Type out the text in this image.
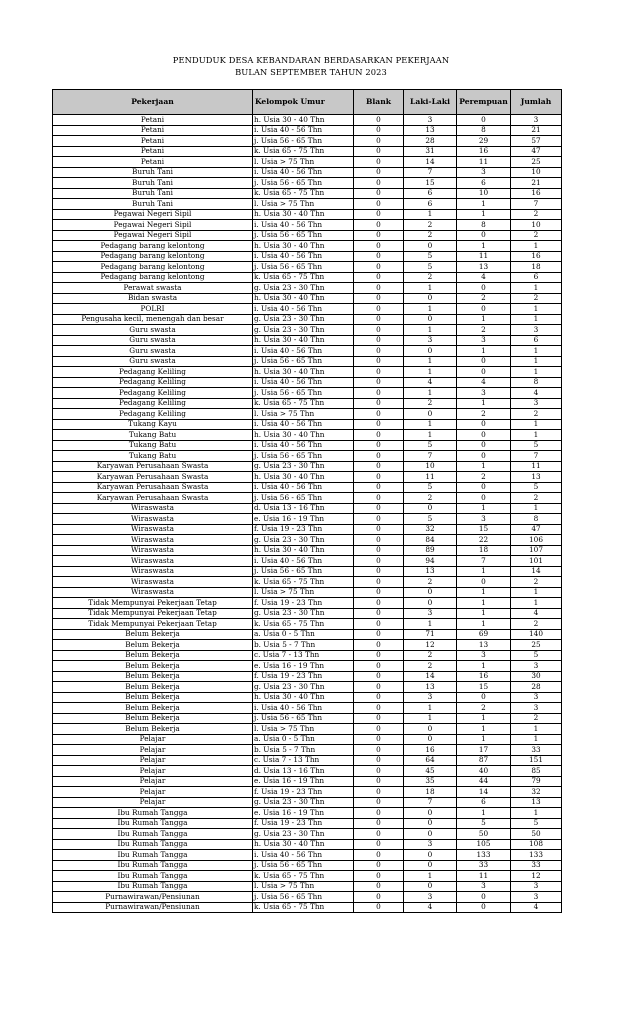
PENDUDUK DESA KEBANDARAN BERDASARKAN PEKERJAAN
BULAN SEPTEMBER TAHUN 2023
Pekerjaan	Kelompok Umur	Blank	Laki-Laki	Perempuan	Jumlah
Petani	h. Usia 30 - 40 Thn	0	3	0	3
Petani	i. Usia 40 - 56 Thn	0	13	8	21
Petani	j. Usia 56 - 65 Thn	0	28	29	57
Petani	k. Usia 65 - 75 Thn	0	31	16	47
Petani	l. Usia > 75 Thn	0	14	11	25
Buruh Tani	i. Usia 40 - 56 Thn	0	7	3	10
Buruh Tani	j. Usia 56 - 65 Thn	0	15	6	21
Buruh Tani	k. Usia 65 - 75 Thn	0	6	10	16
Buruh Tani	l. Usia > 75 Thn	0	6	1	7
Pegawai Negeri Sipil	h. Usia 30 - 40 Thn	0	1	1	2
Pegawai Negeri Sipil	i. Usia 40 - 56 Thn	0	2	8	10
Pegawai Negeri Sipil	j. Usia 56 - 65 Thn	0	2	0	2
Pedagang barang kelontong	h. Usia 30 - 40 Thn	0	0	1	1
Pedagang barang kelontong	i. Usia 40 - 56 Thn	0	5	11	16
Pedagang barang kelontong	j. Usia 56 - 65 Thn	0	5	13	18
Pedagang barang kelontong	k. Usia 65 - 75 Thn	0	2	4	6
Perawat swasta	g. Usia 23 - 30 Thn	0	1	0	1
Bidan swasta	h. Usia 30 - 40 Thn	0	0	2	2
POLRI	i. Usia 40 - 56 Thn	0	1	0	1
Pengusaha kecil, menengah dan besar	g. Usia 23 - 30 Thn	0	0	1	1
Guru swasta	g. Usia 23 - 30 Thn	0	1	2	3
Guru swasta	h. Usia 30 - 40 Thn	0	3	3	6
Guru swasta	i. Usia 40 - 56 Thn	0	0	1	1
Guru swasta	j. Usia 56 - 65 Thn	0	1	0	1
Pedagang Keliling	h. Usia 30 - 40 Thn	0	1	0	1
Pedagang Keliling	i. Usia 40 - 56 Thn	0	4	4	8
Pedagang Keliling	j. Usia 56 - 65 Thn	0	1	3	4
Pedagang Keliling	k. Usia 65 - 75 Thn	0	2	1	3
Pedagang Keliling	l. Usia > 75 Thn	0	0	2	2
Tukang Kayu	i. Usia 40 - 56 Thn	0	1	0	1
Tukang Batu	h. Usia 30 - 40 Thn	0	1	0	1
Tukang Batu	i. Usia 40 - 56 Thn	0	5	0	5
Tukang Batu	j. Usia 56 - 65 Thn	0	7	0	7
Karyawan Perusahaan Swasta	g. Usia 23 - 30 Thn	0	10	1	11
Karyawan Perusahaan Swasta	h. Usia 30 - 40 Thn	0	11	2	13
Karyawan Perusahaan Swasta	i. Usia 40 - 56 Thn	0	5	0	5
Karyawan Perusahaan Swasta	j. Usia 56 - 65 Thn	0	2	0	2
Wiraswasta	d. Usia 13 - 16 Thn	0	0	1	1
Wiraswasta	e. Usia 16 - 19 Thn	0	5	3	8
Wiraswasta	f. Usia 19 - 23 Thn	0	32	15	47
Wiraswasta	g. Usia 23 - 30 Thn	0	84	22	106
Wiraswasta	h. Usia 30 - 40 Thn	0	89	18	107
Wiraswasta	i. Usia 40 - 56 Thn	0	94	7	101
Wiraswasta	j. Usia 56 - 65 Thn	0	13	1	14
Wiraswasta	k. Usia 65 - 75 Thn	0	2	0	2
Wiraswasta	l. Usia > 75 Thn	0	0	1	1
Tidak Mempunyai Pekerjaan Tetap	f. Usia 19 - 23 Thn	0	0	1	1
Tidak Mempunyai Pekerjaan Tetap	g. Usia 23 - 30 Thn	0	3	1	4
Tidak Mempunyai Pekerjaan Tetap	k. Usia 65 - 75 Thn	0	1	1	2
Belum Bekerja	a. Usia 0 - 5 Thn	0	71	69	140
Belum Bekerja	b. Usia 5 - 7 Thn	0	12	13	25
Belum Bekerja	c. Usia 7 - 13 Thn	0	2	3	5
Belum Bekerja	e. Usia 16 - 19 Thn	0	2	1	3
Belum Bekerja	f. Usia 19 - 23 Thn	0	14	16	30
Belum Bekerja	g. Usia 23 - 30 Thn	0	13	15	28
Belum Bekerja	h. Usia 30 - 40 Thn	0	3	0	3
Belum Bekerja	i. Usia 40 - 56 Thn	0	1	2	3
Belum Bekerja	j. Usia 56 - 65 Thn	0	1	1	2
Belum Bekerja	l. Usia > 75 Thn	0	0	1	1
Pelajar	a. Usia 0 - 5 Thn	0	0	1	1
Pelajar	b. Usia 5 - 7 Thn	0	16	17	33
Pelajar	c. Usia 7 - 13 Thn	0	64	87	151
Pelajar	d. Usia 13 - 16 Thn	0	45	40	85
Pelajar	e. Usia 16 - 19 Thn	0	35	44	79
Pelajar	f. Usia 19 - 23 Thn	0	18	14	32
Pelajar	g. Usia 23 - 30 Thn	0	7	6	13
Ibu Rumah Tangga	e. Usia 16 - 19 Thn	0	0	1	1
Ibu Rumah Tangga	f. Usia 19 - 23 Thn	0	0	5	5
Ibu Rumah Tangga	g. Usia 23 - 30 Thn	0	0	50	50
Ibu Rumah Tangga	h. Usia 30 - 40 Thn	0	3	105	108
Ibu Rumah Tangga	i. Usia 40 - 56 Thn	0	0	133	133
Ibu Rumah Tangga	j. Usia 56 - 65 Thn	0	0	33	33
Ibu Rumah Tangga	k. Usia 65 - 75 Thn	0	1	11	12
Ibu Rumah Tangga	l. Usia > 75 Thn	0	0	3	3
Purnawirawan/Pensiunan	j. Usia 56 - 65 Thn	0	3	0	3
Purnawirawan/Pensiunan	k. Usia 65 - 75 Thn	0	4	0	4
